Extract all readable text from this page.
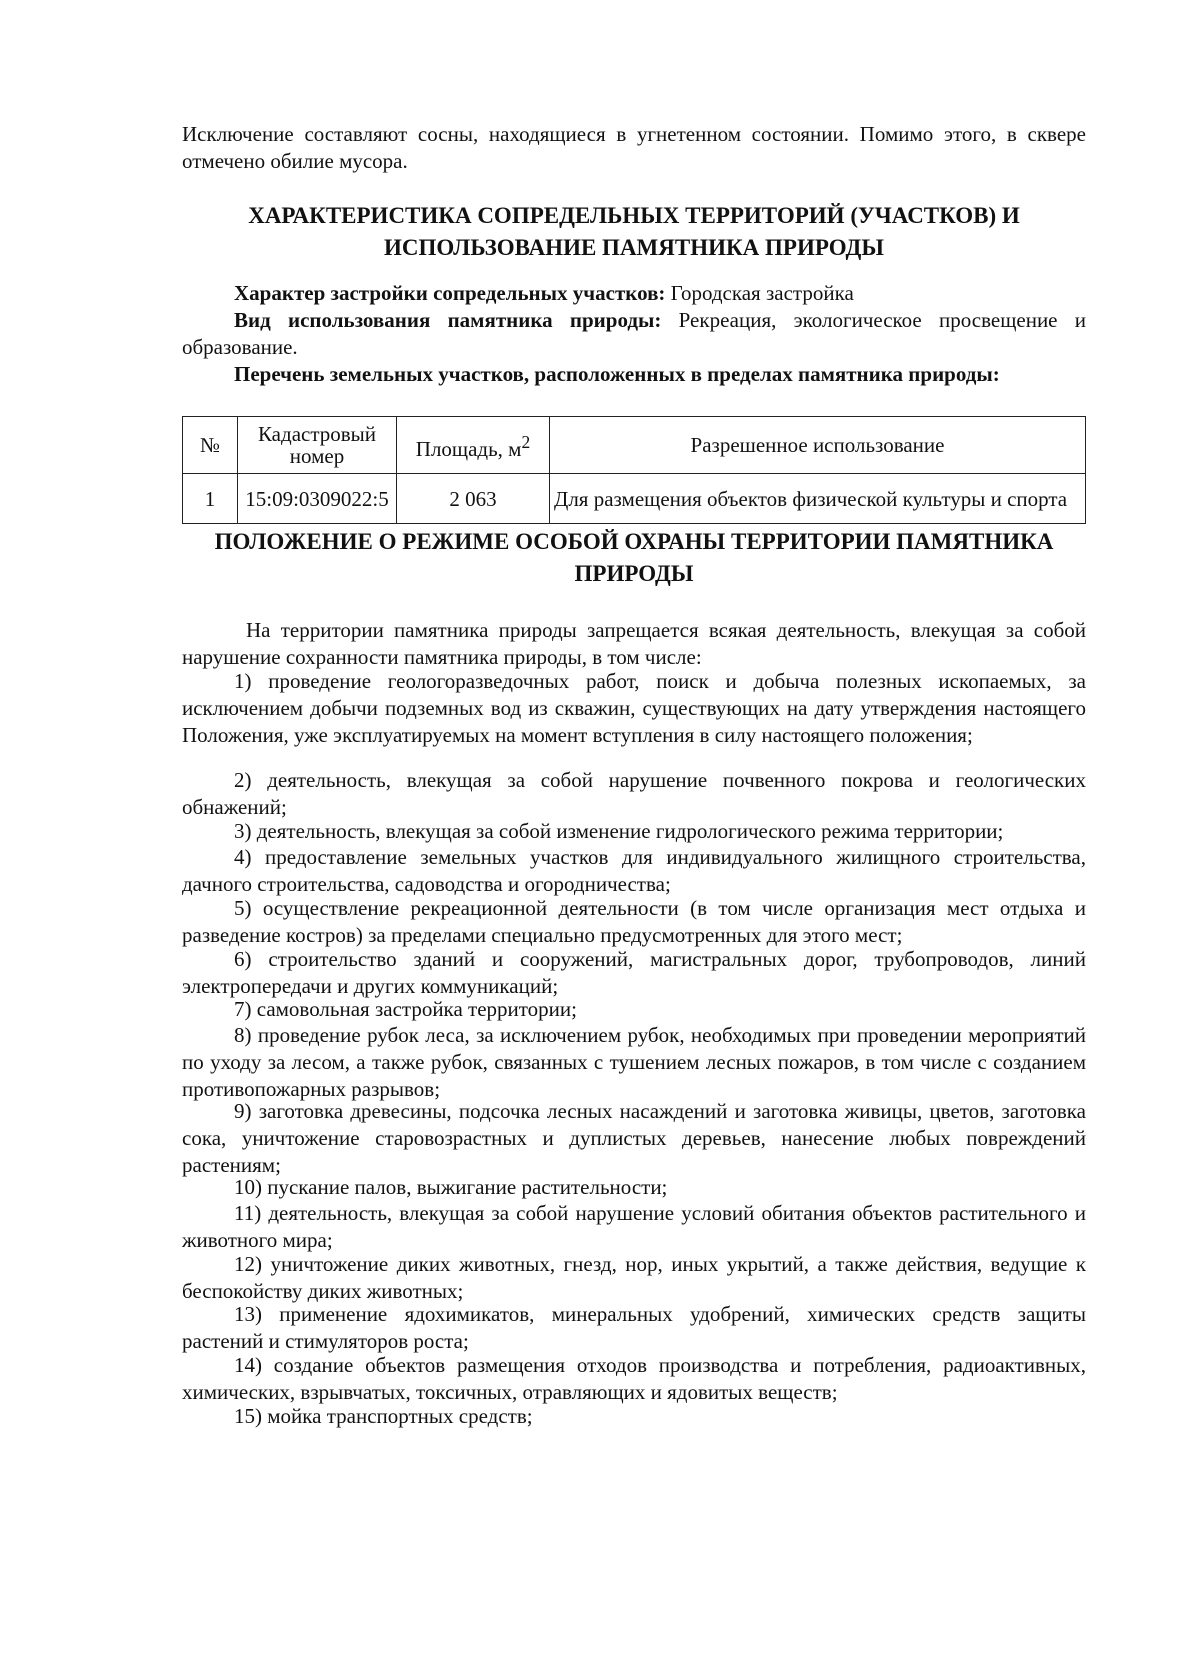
Исключение составляют сосны, находящиеся в угнетенном состоянии. Помимо этого, в сквере отмечено обилие мусора.

ХАРАКТЕРИСТИКА СОПРЕДЕЛЬНЫХ ТЕРРИТОРИЙ (УЧАСТКОВ) И ИСПОЛЬЗОВАНИЕ ПАМЯТНИКА ПРИРОДЫ

Характер застройки сопредельных участков: Городская застройка

Вид использования памятника природы: Рекреация, экологическое просвещение и образование.

Перечень земельных участков, расположенных в пределах памятника природы:

№	Кадастровый номер	Площадь, $м^2$	Разрешенное использование
1	15:09:0309022:5	2 063	Для размещения объектов физической культуры и спорта
ПОЛОЖЕНИЕ О РЕЖИМЕ ОСОБОЙ ОХРАНЫ ТЕРРИТОРИИ ПАМЯТНИКА ПРИРОДЫ

На территории памятника природы запрещается всякая деятельность, влекущая за собой нарушение сохранности памятника природы, в том числе:

1) проведение геологоразведочных работ, поиск и добыча полезных ископаемых, за исключением добычи подземных вод из скважин, существующих на дату утверждения настоящего Положения, уже эксплуатируемых на момент вступления в силу настоящего положения;

2) деятельность, влекущая за собой нарушение почвенного покрова и геологических обнажений;

3) деятельность, влекущая за собой изменение гидрологического режима территории;

4) предоставление земельных участков для индивидуального жилищного строительства, дачного строительства, садоводства и огородничества;

5) осуществление рекреационной деятельности (в том числе организация мест отдыха и разведение костров) за пределами специально предусмотренных для этого мест;

6) строительство зданий и сооружений, магистральных дорог, трубопроводов, линий электропередачи и других коммуникаций;

7) самовольная застройка территории;

8) проведение рубок леса, за исключением рубок, необходимых при проведении мероприятий по уходу за лесом, а также рубок, связанных с тушением лесных пожаров, в том числе с созданием противопожарных разрывов;

9) заготовка древесины, подсочка лесных насаждений и заготовка живицы, цветов, заготовка сока, уничтожение старовозрастных и дуплистых деревьев, нанесение любых повреждений растениям;

10) пускание палов, выжигание растительности;

11) деятельность, влекущая за собой нарушение условий обитания объектов растительного и животного мира;

12) уничтожение диких животных, гнезд, нор, иных укрытий, а также действия, ведущие к беспокойству диких животных;

13) применение ядохимикатов, минеральных удобрений, химических средств защиты растений и стимуляторов роста;

14) создание объектов размещения отходов производства и потребления, радиоактивных, химических, взрывчатых, токсичных, отравляющих и ядовитых веществ;

15) мойка транспортных средств;
